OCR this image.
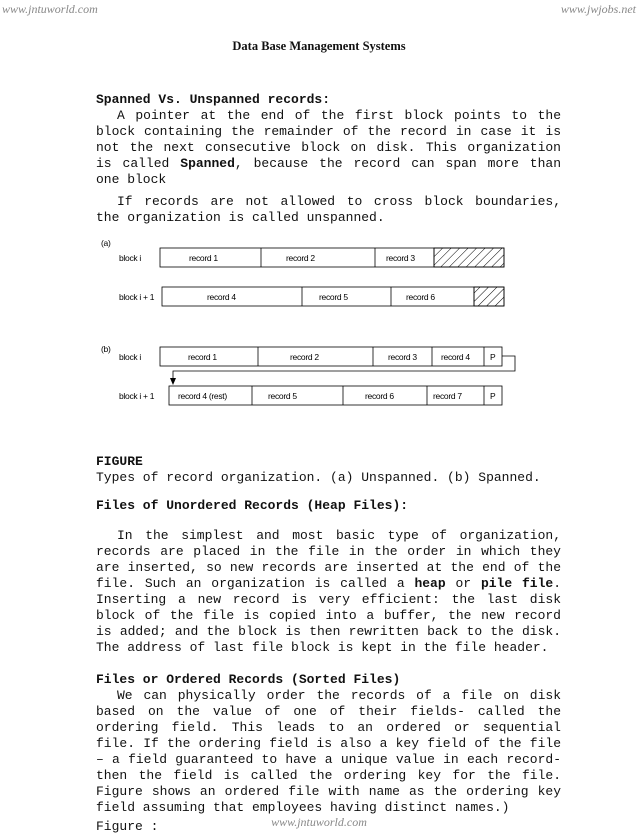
www.jntuworld.com	www.jwjobs.net
Data Base Management Systems
Spanned Vs. Unspanned records:
A pointer at the end of the first block points to the block containing the remainder of the record in case it is not the next consecutive block on disk. This organization is called Spanned, because the record can span more than one block
If records are not allowed to cross block boundaries, the organization is called unspanned.
(a)
block i
block i + 1
record 1	record 2	record 3
record 4	record 5	record 6
(b)
block i
block i + 1
record 1	record 2	record 3	record 4 P
record 4 (rest)	record 5	record 6	record 7	P
FIGURE
Types of record organization. (a) Unspanned. (b) Spanned.
Files of Unordered Records (Heap Files):
In the simplest and most basic type of organization, records are placed in the file in the order in which they are inserted, so new records are inserted at the end of the file. Such an organization is called a heap or pile file. Inserting a new record is very efficient: the last disk block of the file is copied into a buffer, the new record is added; and the block is then rewritten back to the disk. The address of last file block is kept in the file header.
Files or Ordered Records (Sorted Files)
We can physically order the records of a file on disk based on the value of one of their fields- called the ordering field. This leads to an ordered or sequential file. If the ordering field is also a key field of the file – a field guaranteed to have a unique value in each record- then the field is called the ordering key for the file. Figure shows an ordered file with name as the ordering key field assuming that employees having distinct names.)
Figure :	www.jntuworld.com
